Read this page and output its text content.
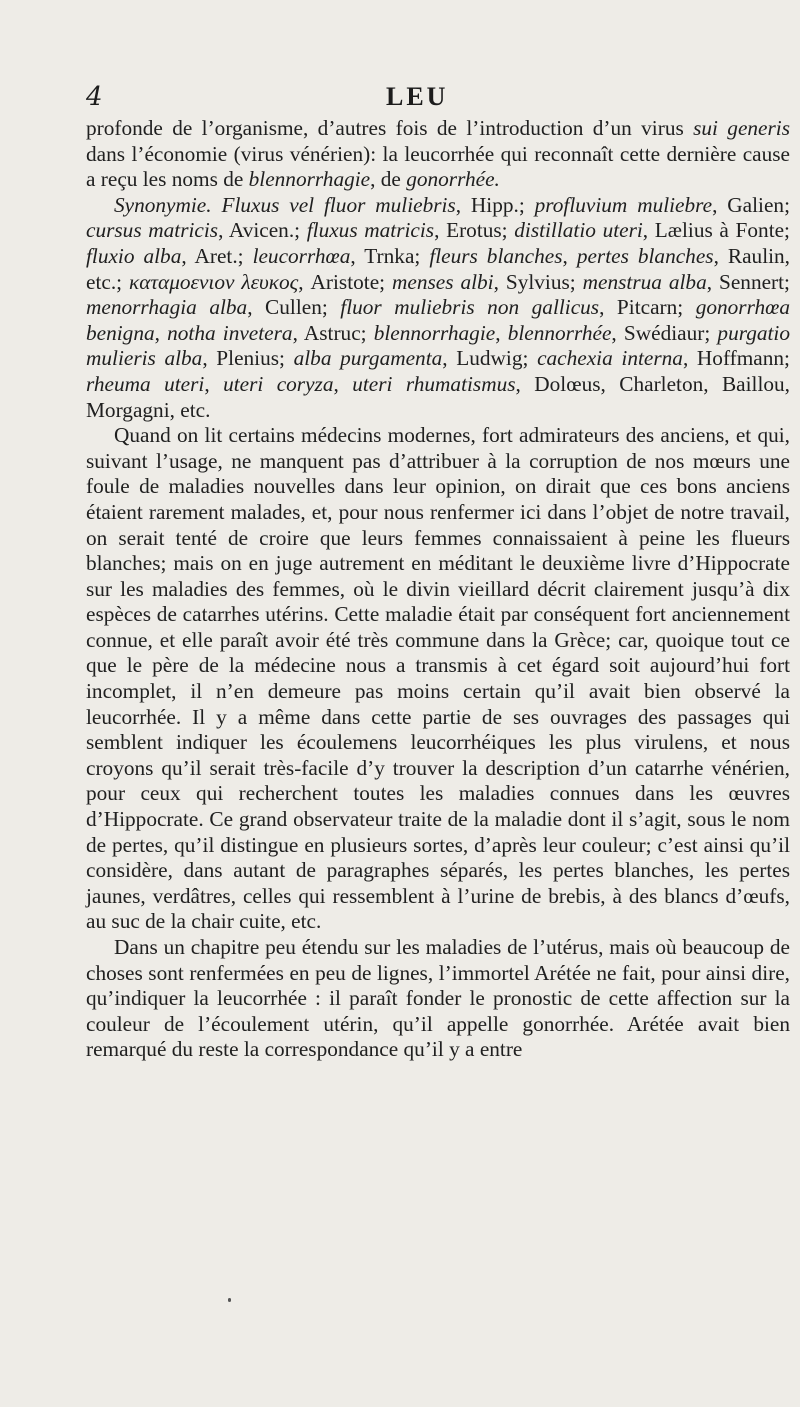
4	LEU

profonde de l’organisme, d’autres fois de l’introduction d’un virus sui generis dans l’économie (virus vénérien): la leucorrhée qui reconnaît cette dernière cause a reçu les noms de blennorrhagie, de gonorrhée.

Synonymie. Fluxus vel fluor muliebris, Hipp.; profluvium muliebre, Galien; cursus matricis, Avicen.; fluxus matricis, Erotus; distillatio uteri, Lælius à Fonte; fluxio alba, Aret.; leucorrhœa, Trnka; fleurs blanches, pertes blanches, Raulin, etc.; καταμοενιον λευκος, Aristote; menses albi, Sylvius; menstrua alba, Sennert; menorrhagia alba, Cullen; fluor muliebris non gallicus, Pitcarn; gonorrhœa benigna, notha invetera, Astruc; blennorrhagie, blennorrhée, Swédiaur; purgatio mulieris alba, Plenius; alba purgamenta, Ludwig; cachexia interna, Hoffmann; rheuma uteri, uteri coryza, uteri rhumatismus, Dolœus, Charleton, Baillou, Morgagni, etc.

Quand on lit certains médecins modernes, fort admirateurs des anciens, et qui, suivant l’usage, ne manquent pas d’attribuer à la corruption de nos mœurs une foule de maladies nouvelles dans leur opinion, on dirait que ces bons anciens étaient rarement malades, et, pour nous renfermer ici dans l’objet de notre travail, on serait tenté de croire que leurs femmes connaissaient à peine les flueurs blanches; mais on en juge autrement en méditant le deuxième livre d’Hippocrate sur les maladies des femmes, où le divin vieillard décrit clairement jusqu’à dix espèces de catarrhes utérins. Cette maladie était par conséquent fort anciennement connue, et elle paraît avoir été très commune dans la Grèce; car, quoique tout ce que le père de la médecine nous a transmis à cet égard soit aujourd’hui fort incomplet, il n’en demeure pas moins certain qu’il avait bien observé la leucorrhée. Il y a même dans cette partie de ses ouvrages des passages qui semblent indiquer les écoulemens leucorrhéiques les plus virulens, et nous croyons qu’il serait très-facile d’y trouver la description d’un catarrhe vénérien, pour ceux qui recherchent toutes les maladies connues dans les œuvres d’Hippocrate. Ce grand observateur traite de la maladie dont il s’agit, sous le nom de pertes, qu’il distingue en plusieurs sortes, d’après leur couleur; c’est ainsi qu’il considère, dans autant de paragraphes séparés, les pertes blanches, les pertes jaunes, verdâtres, celles qui ressemblent à l’urine de brebis, à des blancs d’œufs, au suc de la chair cuite, etc.

Dans un chapitre peu étendu sur les maladies de l’utérus, mais où beaucoup de choses sont renfermées en peu de lignes, l’immortel Arétée ne fait, pour ainsi dire, qu’indiquer la leucorrhée : il paraît fonder le pronostic de cette affection sur la couleur de l’écoulement utérin, qu’il appelle gonorrhée. Arétée avait bien remarqué du reste la correspondance qu’il y a entre
